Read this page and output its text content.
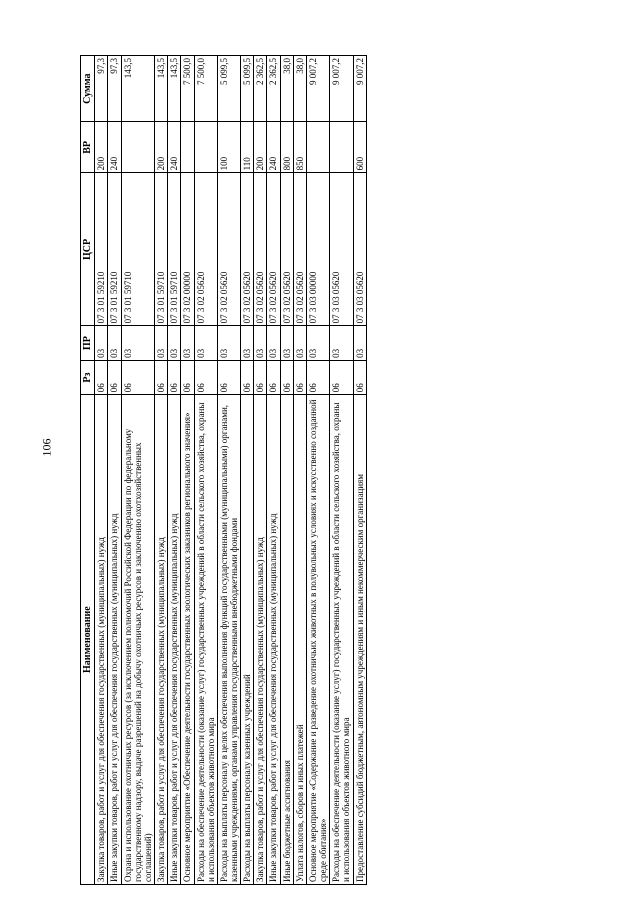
106
Наименование	Рз	ПР	ЦСР	ВР	Сумма
Закупка товаров, работ и услуг для обеспечения государственных (муниципальных) нужд	06	03	07 3 01 59210	200	97,3
Иные закупки товаров, работ и услуг для обеспечения государственных (муниципальных) нужд	06	03	07 3 01 59210	240	97,3
Охрана и использование охотничьих ресурсов (за исключением полномочий Российской Федерации по федеральному государственному надзору, выдаче разрешений на добычу охотничьих ресурсов и заключению охотхозяйственных соглашений)	06	03	07 3 01 59710		143,5
Закупка товаров, работ и услуг для обеспечения государственных (муниципальных) нужд	06	03	07 3 01 59710	200	143,5
Иные закупки товаров, работ и услуг для обеспечения государственных (муниципальных) нужд	06	03	07 3 01 59710	240	143,5
Основное мероприятие «Обеспечение деятельности государственных зоологических заказников регионального значения»	06	03	07 3 02 00000		7 500,0
Расходы на обеспечение деятельности (оказание услуг) государственных учреждений в области сельского хозяйства, охраны и использования объектов животного мира	06	03	07 3 02 05620		7 500,0
Расходы на выплаты персоналу в целях обеспечения выполнения функций государственными (муниципальными) органами, казенными учреждениями, органами управления государственными внебюджетными фондами	06	03	07 3 02 05620	100	5 099,5
Расходы на выплаты персоналу казенных учреждений	06	03	07 3 02 05620	110	5 099,5
Закупка товаров, работ и услуг для обеспечения государственных (муниципальных) нужд	06	03	07 3 02 05620	200	2 362,5
Иные закупки товаров, работ и услуг для обеспечения государственных (муниципальных) нужд	06	03	07 3 02 05620	240	2 362,5
Иные бюджетные ассигнования	06	03	07 3 02 05620	800	38,0
Уплата налогов, сборов и иных платежей	06	03	07 3 02 05620	850	38,0
Основное мероприятие «Содержание и разведение охотничьих животных в полувольных условиях и искусственно созданной среде обитания»	06	03	07 3 03 00000		9 007,2
Расходы на обеспечение деятельности (оказание услуг) государственных учреждений в области сельского хозяйства, охраны и использования объектов животного мира	06	03	07 3 03 05620		9 007,2
Предоставление субсидий бюджетным, автономным учреждениям и иным некоммерческим организациям	06	03	07 3 03 05620	600	9 007,2
